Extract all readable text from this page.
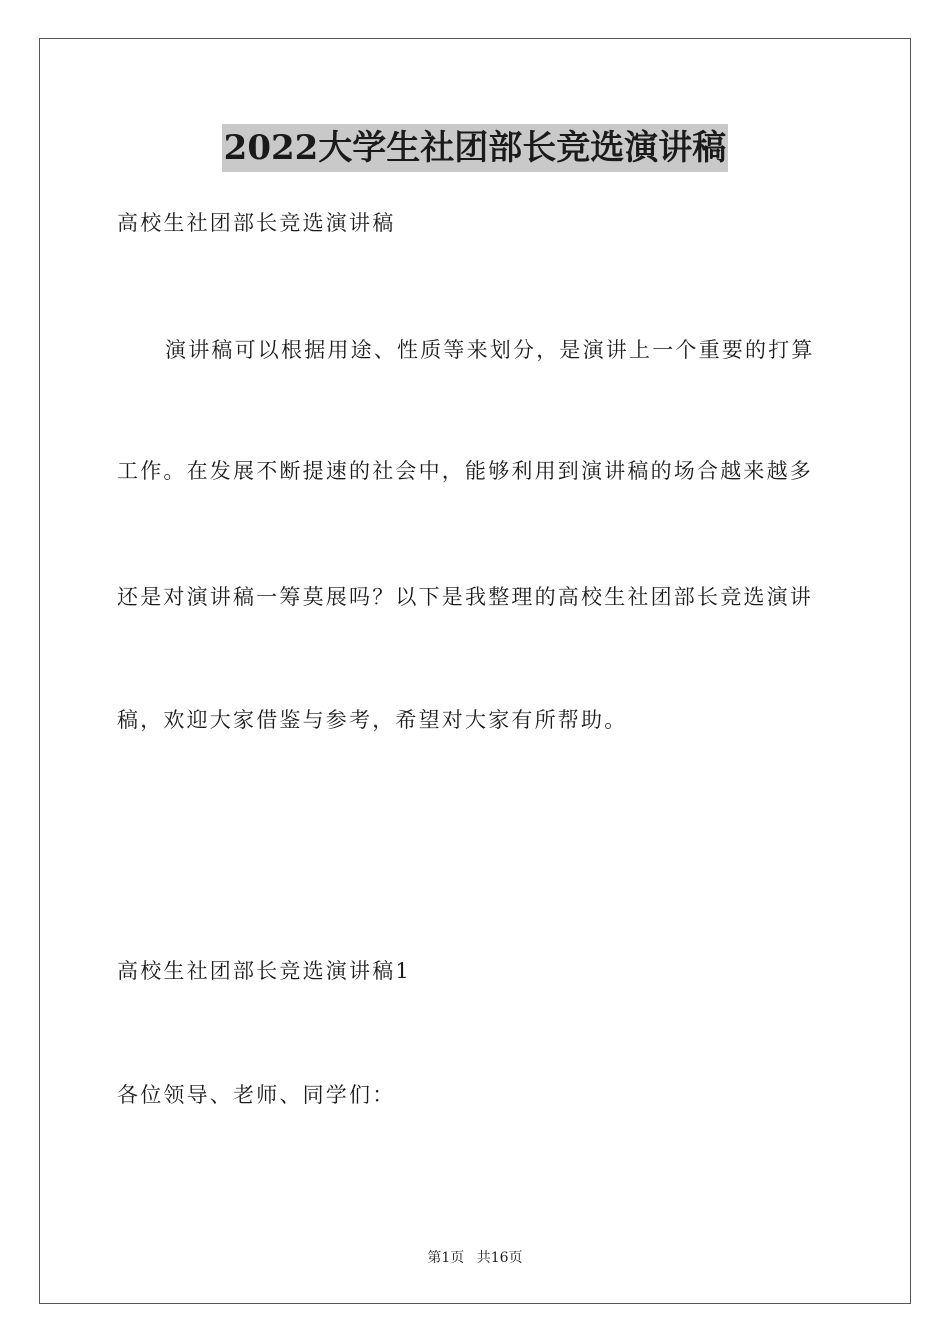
2022大学生社团部长竞选演讲稿
高校生社团部长竞选演讲稿
演讲稿可以根据用途、性质等来划分，是演讲上一个重要的打算
工作。在发展不断提速的社会中，能够利用到演讲稿的场合越来越多
还是对演讲稿一筹莫展吗？以下是我整理的高校生社团部长竞选演讲
稿，欢迎大家借鉴与参考，希望对大家有所帮助。
高校生社团部长竞选演讲稿1
各位领导、老师、同学们：
第1页 共16页
